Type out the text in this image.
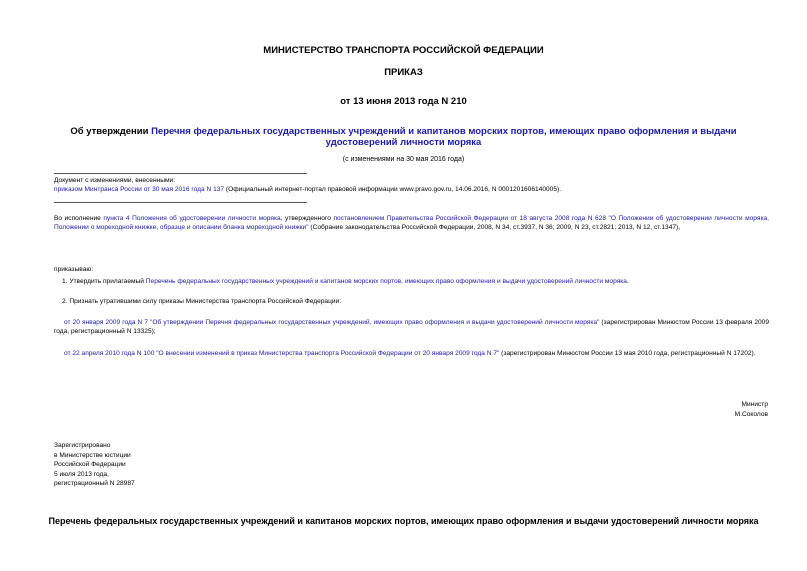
МИНИСТЕРСТВО ТРАНСПОРТА РОССИЙСКОЙ ФЕДЕРАЦИИ
ПРИКАЗ
от 13 июня 2013 года N 210
Об утверждении Перечня федеральных государственных учреждений и капитанов морских портов, имеющих право оформления и выдачи удостоверений личности моряка
(с изменениями на 30 мая 2016 года)
Документ с изменениями, внесенными:
приказом Минтранса России от 30 мая 2016 года N 137 (Официальный интернет-портал правовой информации www.pravo.gov.ru, 14.06.2016, N 0001201606140005).
Во исполнение пункта 4 Положения об удостоверении личности моряка, утвержденного постановлением Правительства Российской Федерации от 18 августа 2008 года N 628 "О Положении об удостоверении личности моряка, Положении о мореходной книжке, образце и описании бланка мореходной книжки" (Собрание законодательства Российской Федерации, 2008, N 34, ст.3937, N 36; 2009, N 23, ст.2821; 2013, N 12, ст.1347),
приказываю:
1. Утвердить прилагаемый Перечень федеральных государственных учреждений и капитанов морских портов, имеющих право оформления и выдачи удостоверений личности моряка.
2. Признать утратившими силу приказы Министерства транспорта Российской Федерации:
от 20 января 2009 года N 7 "Об утверждении Перечня федеральных государственных учреждений, имеющих право оформления и выдачи удостоверений личности моряка" (зарегистрирован Минюстом России 13 февраля 2009 года, регистрационный N 13325);
от 22 апреля 2010 года N 100 "О внесении изменений в приказ Министерства транспорта Российской Федерации от 20 января 2009 года N 7" (зарегистрирован Минюстом России 13 мая 2010 года, регистрационный N 17202).
Министр
М.Соколов
Зарегистрировано
в Министерстве юстиции
Российской Федерации
5 июля 2013 года,
регистрационный N 28987
Перечень федеральных государственных учреждений и капитанов морских портов, имеющих право оформления и выдачи удостоверений личности моряка
